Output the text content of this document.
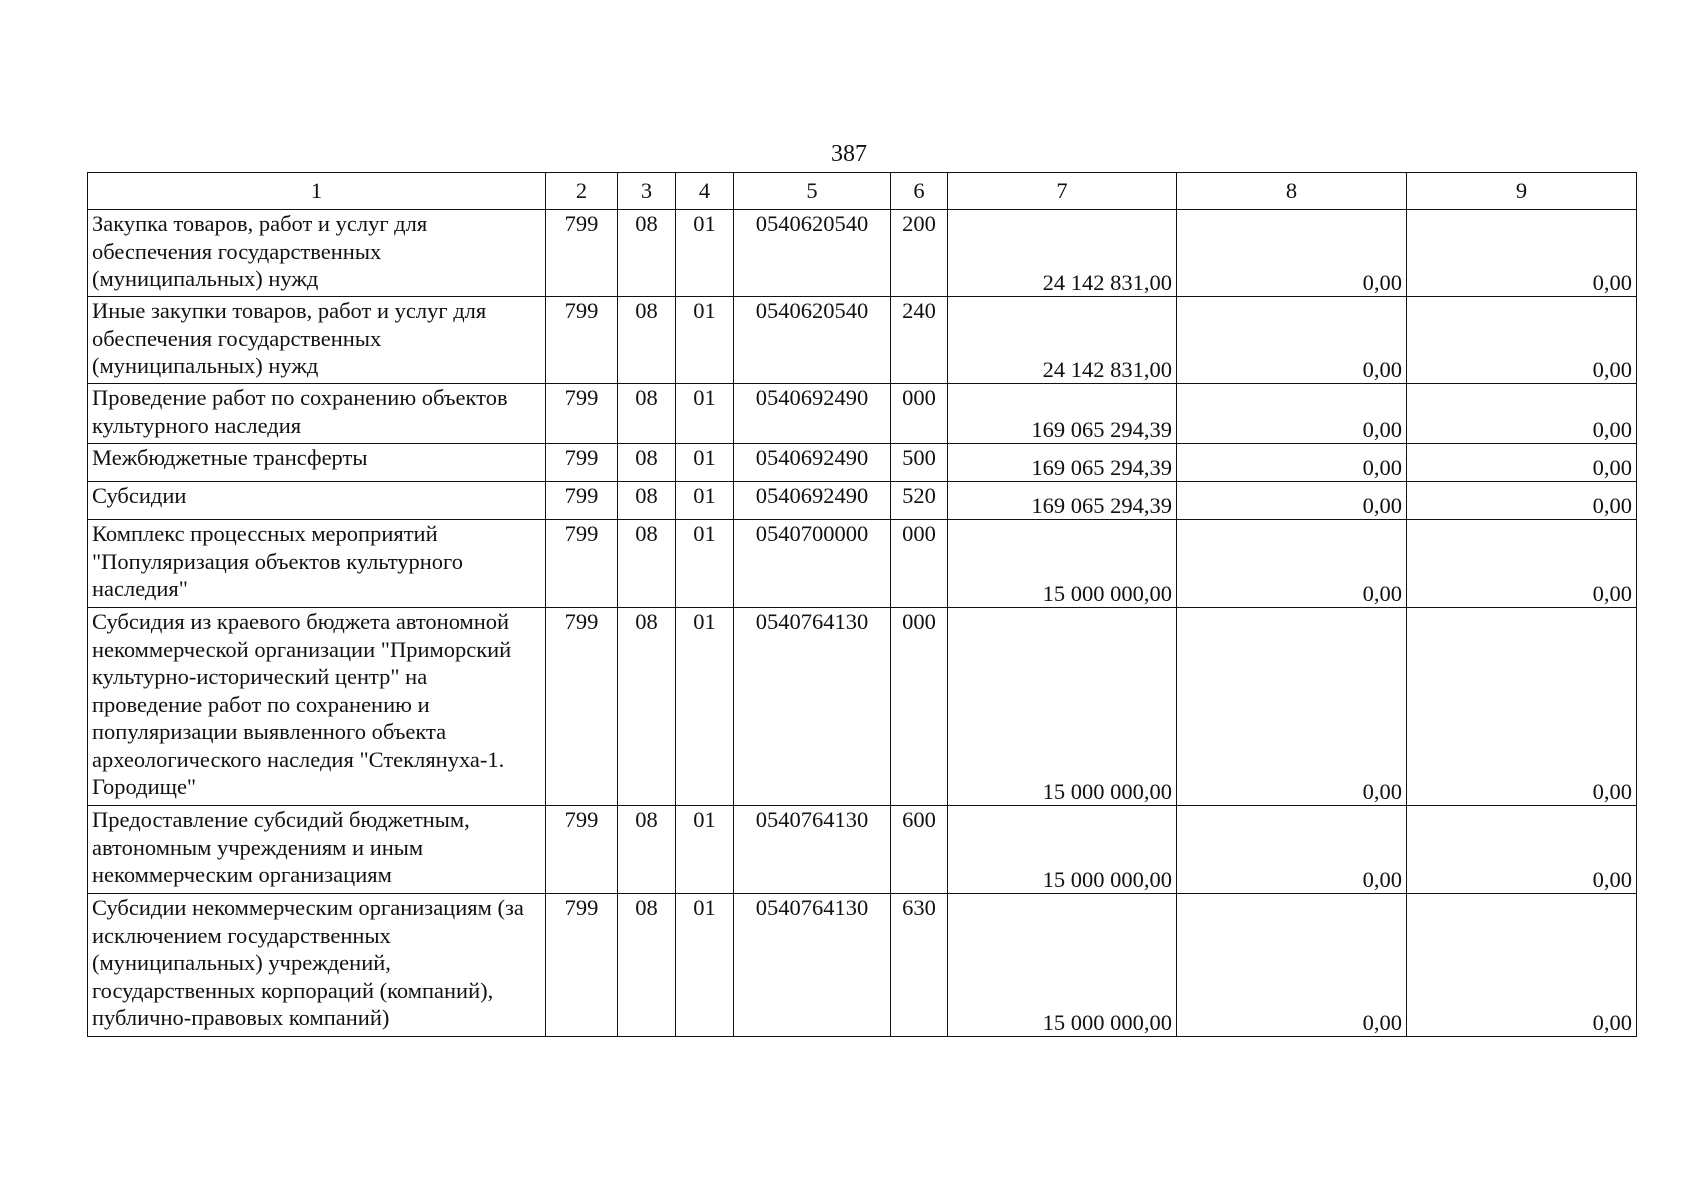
387
1	2	3	4	5	6	7	8	9
Закупка товаров, работ и услуг для обеспечения государственных (муниципальных) нужд	799	08	01	0540620540	200	24 142 831,00	0,00	0,00
Иные закупки товаров, работ и услуг для обеспечения государственных (муниципальных) нужд	799	08	01	0540620540	240	24 142 831,00	0,00	0,00
Проведение работ по сохранению объектов культурного наследия	799	08	01	0540692490	000	169 065 294,39	0,00	0,00
Межбюджетные трансферты	799	08	01	0540692490	500	169 065 294,39	0,00	0,00
Субсидии	799	08	01	0540692490	520	169 065 294,39	0,00	0,00
Комплекс процессных мероприятий "Популяризация объектов культурного наследия"	799	08	01	0540700000	000	15 000 000,00	0,00	0,00
Субсидия из краевого бюджета автономной некоммерческой организации "Приморский культурно-исторический центр" на проведение работ по сохранению и популяризации выявленного объекта археологического наследия "Стеклянуха-1. Городище"	799	08	01	0540764130	000	15 000 000,00	0,00	0,00
Предоставление субсидий бюджетным, автономным учреждениям и иным некоммерческим организациям	799	08	01	0540764130	600	15 000 000,00	0,00	0,00
Субсидии некоммерческим организациям (за исключением государственных (муниципальных) учреждений, государственных корпораций (компаний), публично-правовых компаний)	799	08	01	0540764130	630	15 000 000,00	0,00	0,00
